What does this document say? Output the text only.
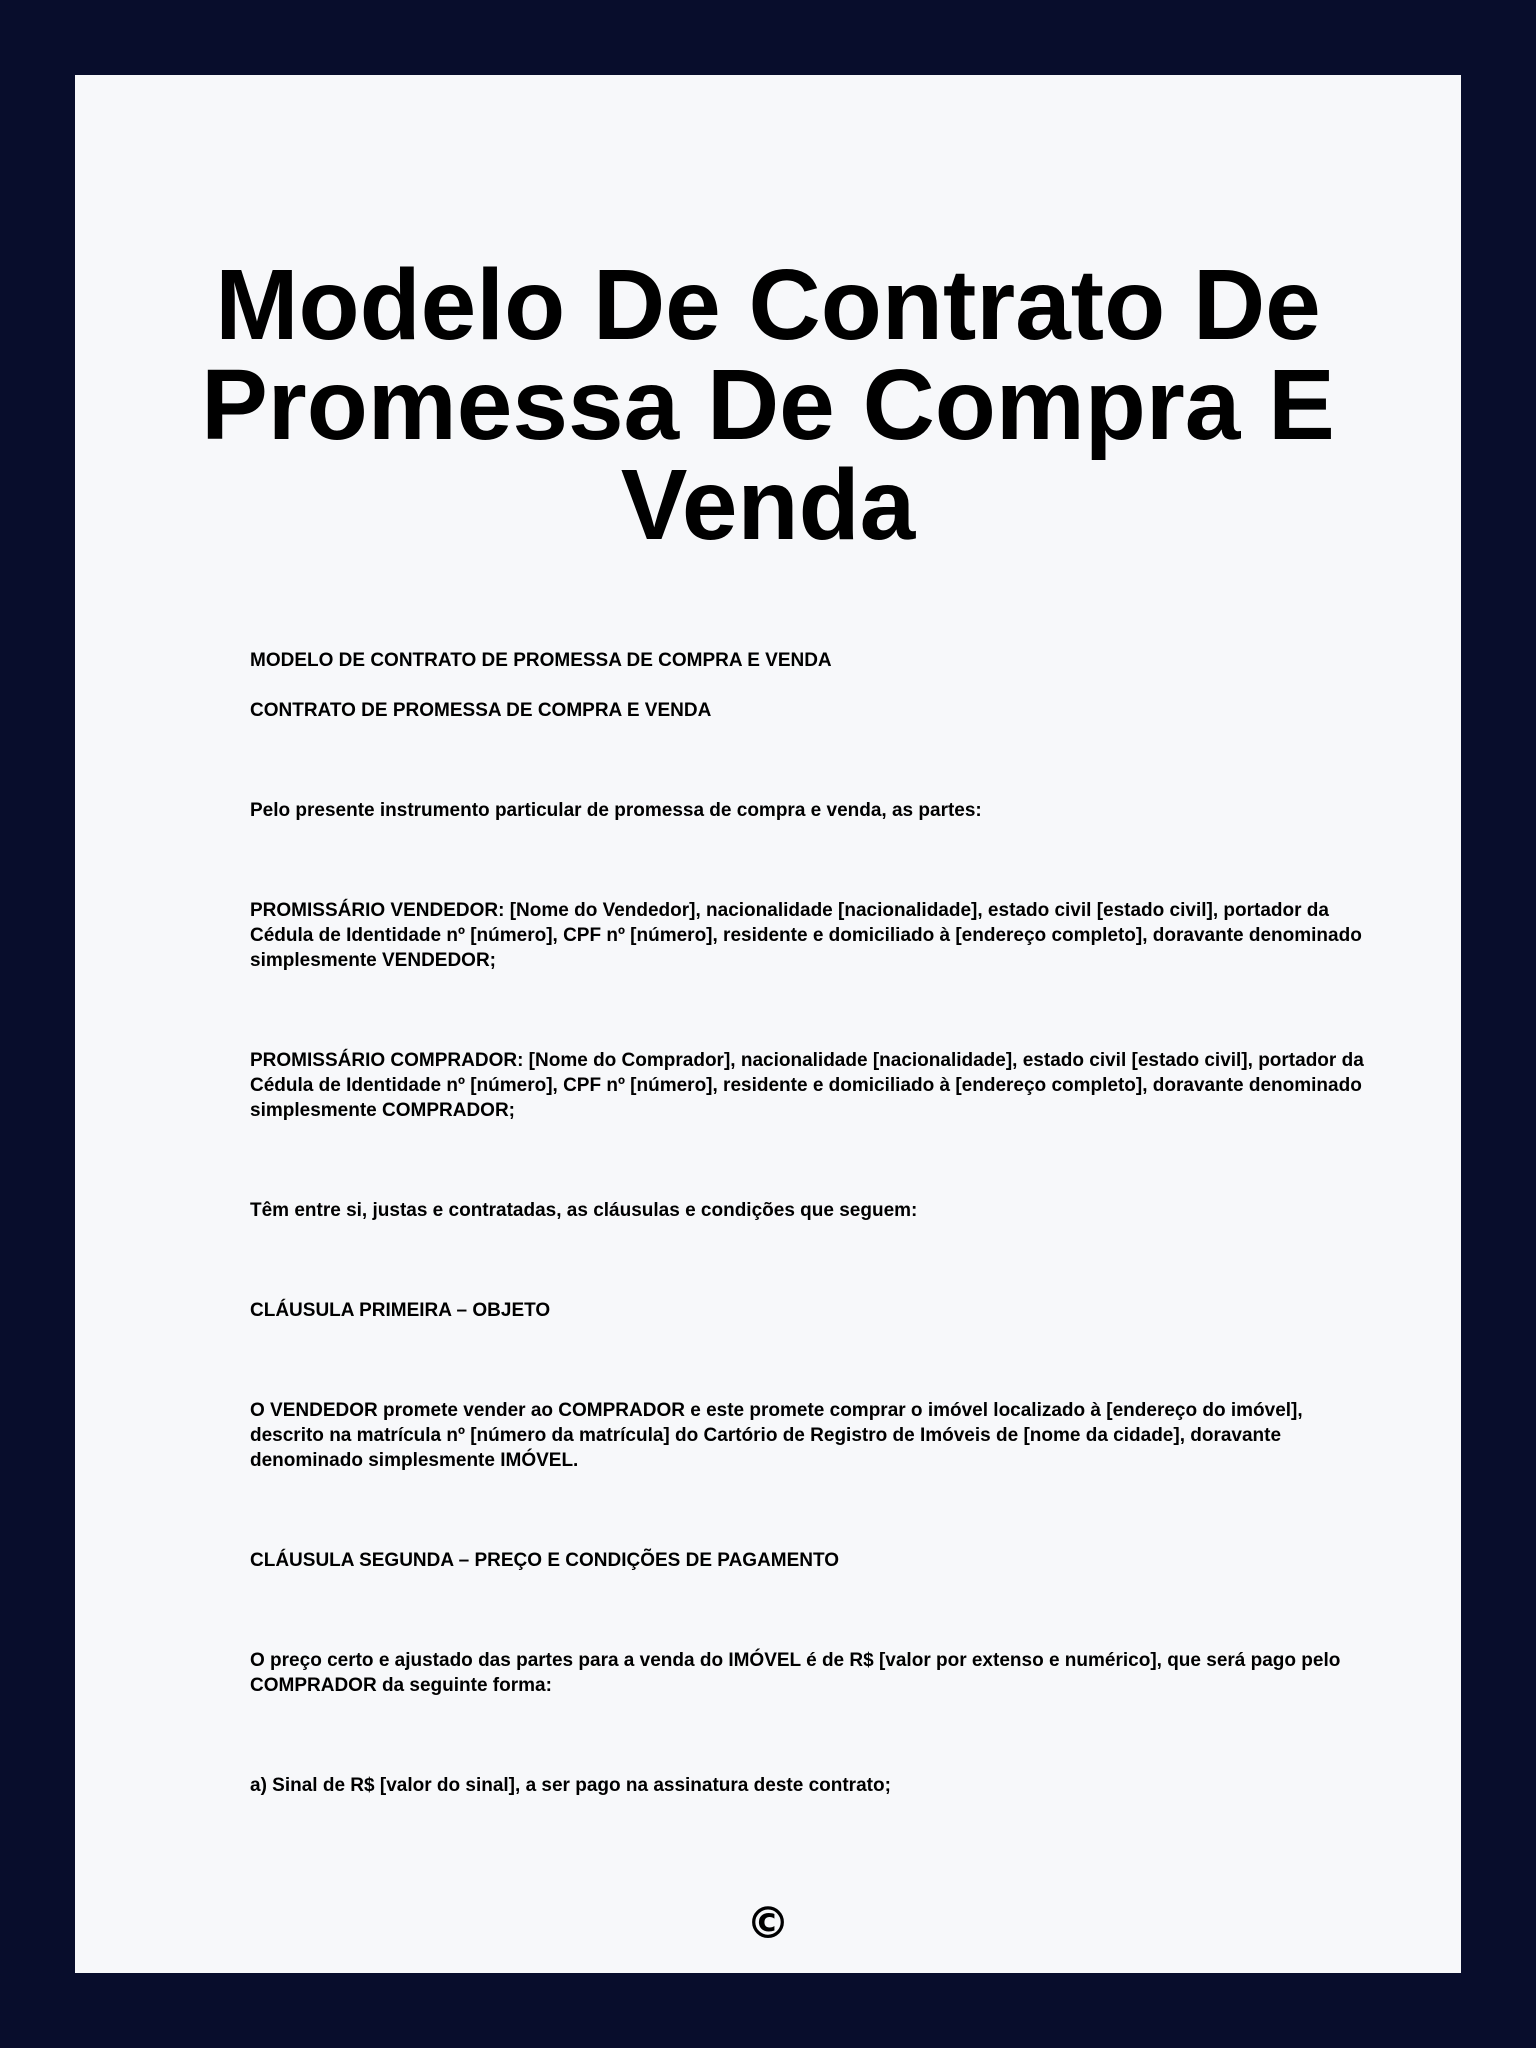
Modelo De Contrato De Promessa De Compra E Venda

MODELO DE CONTRATO DE PROMESSA DE COMPRA E VENDA

CONTRATO DE PROMESSA DE COMPRA E VENDA

Pelo presente instrumento particular de promessa de compra e venda, as partes:

PROMISSÁRIO VENDEDOR: [Nome do Vendedor], nacionalidade [nacionalidade], estado civil [estado civil], portador da Cédula de Identidade nº [número], CPF nº [número], residente e domiciliado à [endereço completo], doravante denominado simplesmente VENDEDOR;

PROMISSÁRIO COMPRADOR: [Nome do Comprador], nacionalidade [nacionalidade], estado civil [estado civil], portador da Cédula de Identidade nº [número], CPF nº [número], residente e domiciliado à [endereço completo], doravante denominado simplesmente COMPRADOR;

Têm entre si, justas e contratadas, as cláusulas e condições que seguem:

CLÁUSULA PRIMEIRA – OBJETO

O VENDEDOR promete vender ao COMPRADOR e este promete comprar o imóvel localizado à [endereço do imóvel], descrito na matrícula nº [número da matrícula] do Cartório de Registro de Imóveis de [nome da cidade], doravante denominado simplesmente IMÓVEL.

CLÁUSULA SEGUNDA – PREÇO E CONDIÇÕES DE PAGAMENTO

O preço certo e ajustado das partes para a venda do IMÓVEL é de R$ [valor por extenso e numérico], que será pago pelo COMPRADOR da seguinte forma:

a) Sinal de R$ [valor do sinal], a ser pago na assinatura deste contrato;

©
